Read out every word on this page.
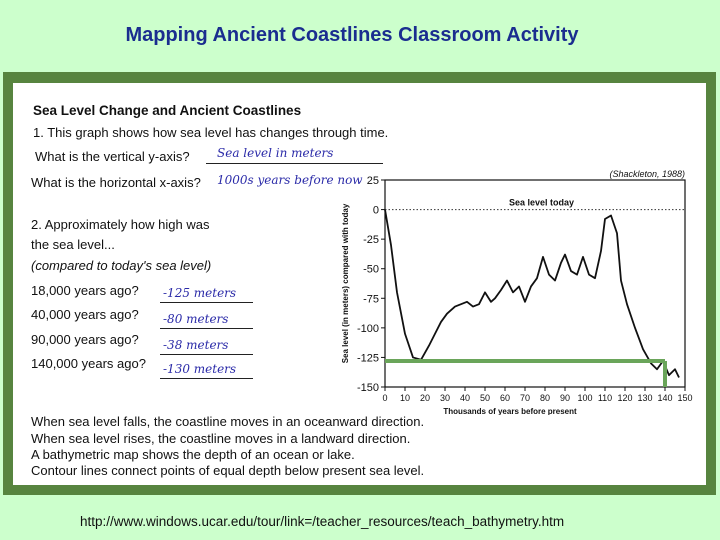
Mapping Ancient Coastlines Classroom Activity
Sea Level Change and Ancient Coastlines
1. This graph shows how sea level has changes through time.
What is the vertical y-axis? Sea level in meters
What is the horizontal x-axis? 1000s years before now
2. Approximately how high was
the sea level...
(compared to today's sea level)
18,000 years ago? -125 meters
40,000 years ago? -80 meters
90,000 years ago? -38 meters
140,000 years ago? -130 meters
When sea level falls, the coastline moves in an oceanward direction.
When sea level rises, the coastline moves in a landward direction.
A bathymetric map shows the depth of an ocean or lake.
Contour lines connect points of equal depth below present sea level.
(Shackleton, 1988)
Sea level (in meters) compared with today
Thousands of years before present
Sea level today
25
0
-25
-50
-75
-100
-125
-150
0 10 20 30 40 50 60 70 80 90 100 110 120 130 140 150
http://www.windows.ucar.edu/tour/link=/teacher_resources/teach_bathymetry.htm
